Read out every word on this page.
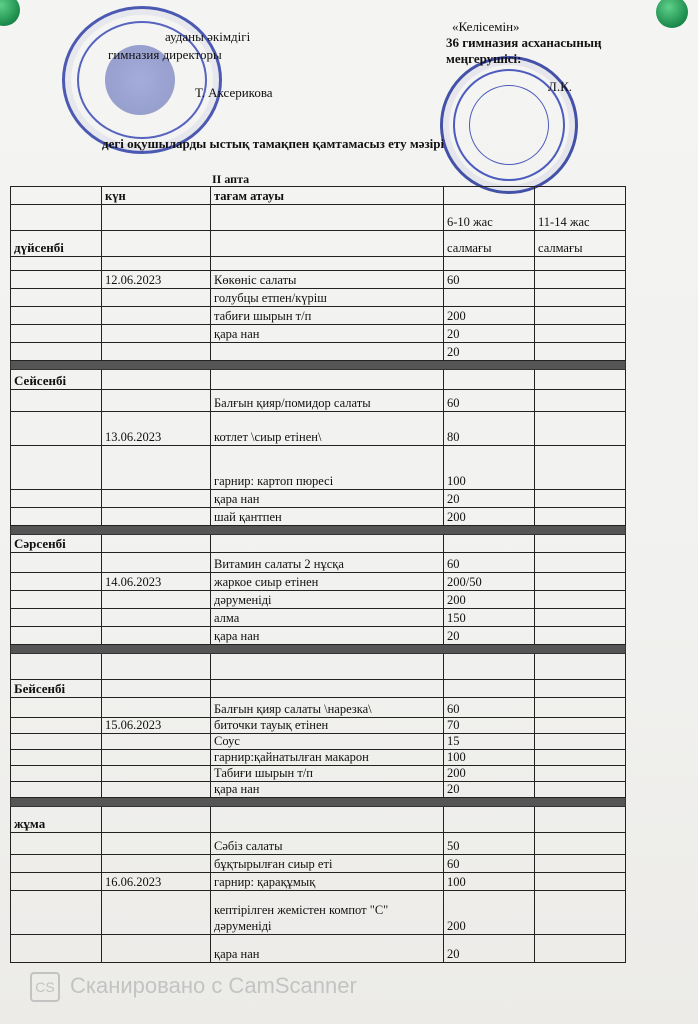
ауданы әкімдігі
гимназия директоры
Т. Аксерикова
«Келісемін»
36 гимназия асханасының
меңгерушісі:
Л.К.
дегі оқушыларды ыстық тамақпен қамтамасыз ету мәзірі
II апта
	күн	тағам атауы		
			6-10 жас	11-14 жас
дүйсенбі			салмағы	салмағы

	12.06.2023	Көкөніс салаты	60	
		голубцы етпен/күріш		
		табиғи шырын т/п	200	
		қара нан	20	
			20	

Сейсенбі				
		Балғын қияр/помидор салаты	60	
	13.06.2023	котлет \сиыр етінен\	80	
		гарнир: картоп пюресі	100	
		қара нан	20	
		шай қантпен	200	

Сәрсенбі				
		Витамин салаты 2 нұсқа	60	
	14.06.2023	жаркое сиыр етінен	200/50	
		дәруменіді	200	
		алма	150	
		қара нан	20	

Бейсенбі				
		Балғын қияр салаты \нарезка\	60	
	15.06.2023	биточки тауық етінен	70	
		Соус	15	
		гарнир:қайнатылған макарон	100	
		Табиғи шырын т/п	200	
		қара нан	20	

жұма				
		Сәбіз салаты	50	
		бұқтырылған сиыр еті	60	
	16.06.2023	гарнир: қарақұмық	100	
		кептірілген жемістен компот "С" дәруменіді	200	
		қара нан	20	
CS Сканировано с CamScanner
